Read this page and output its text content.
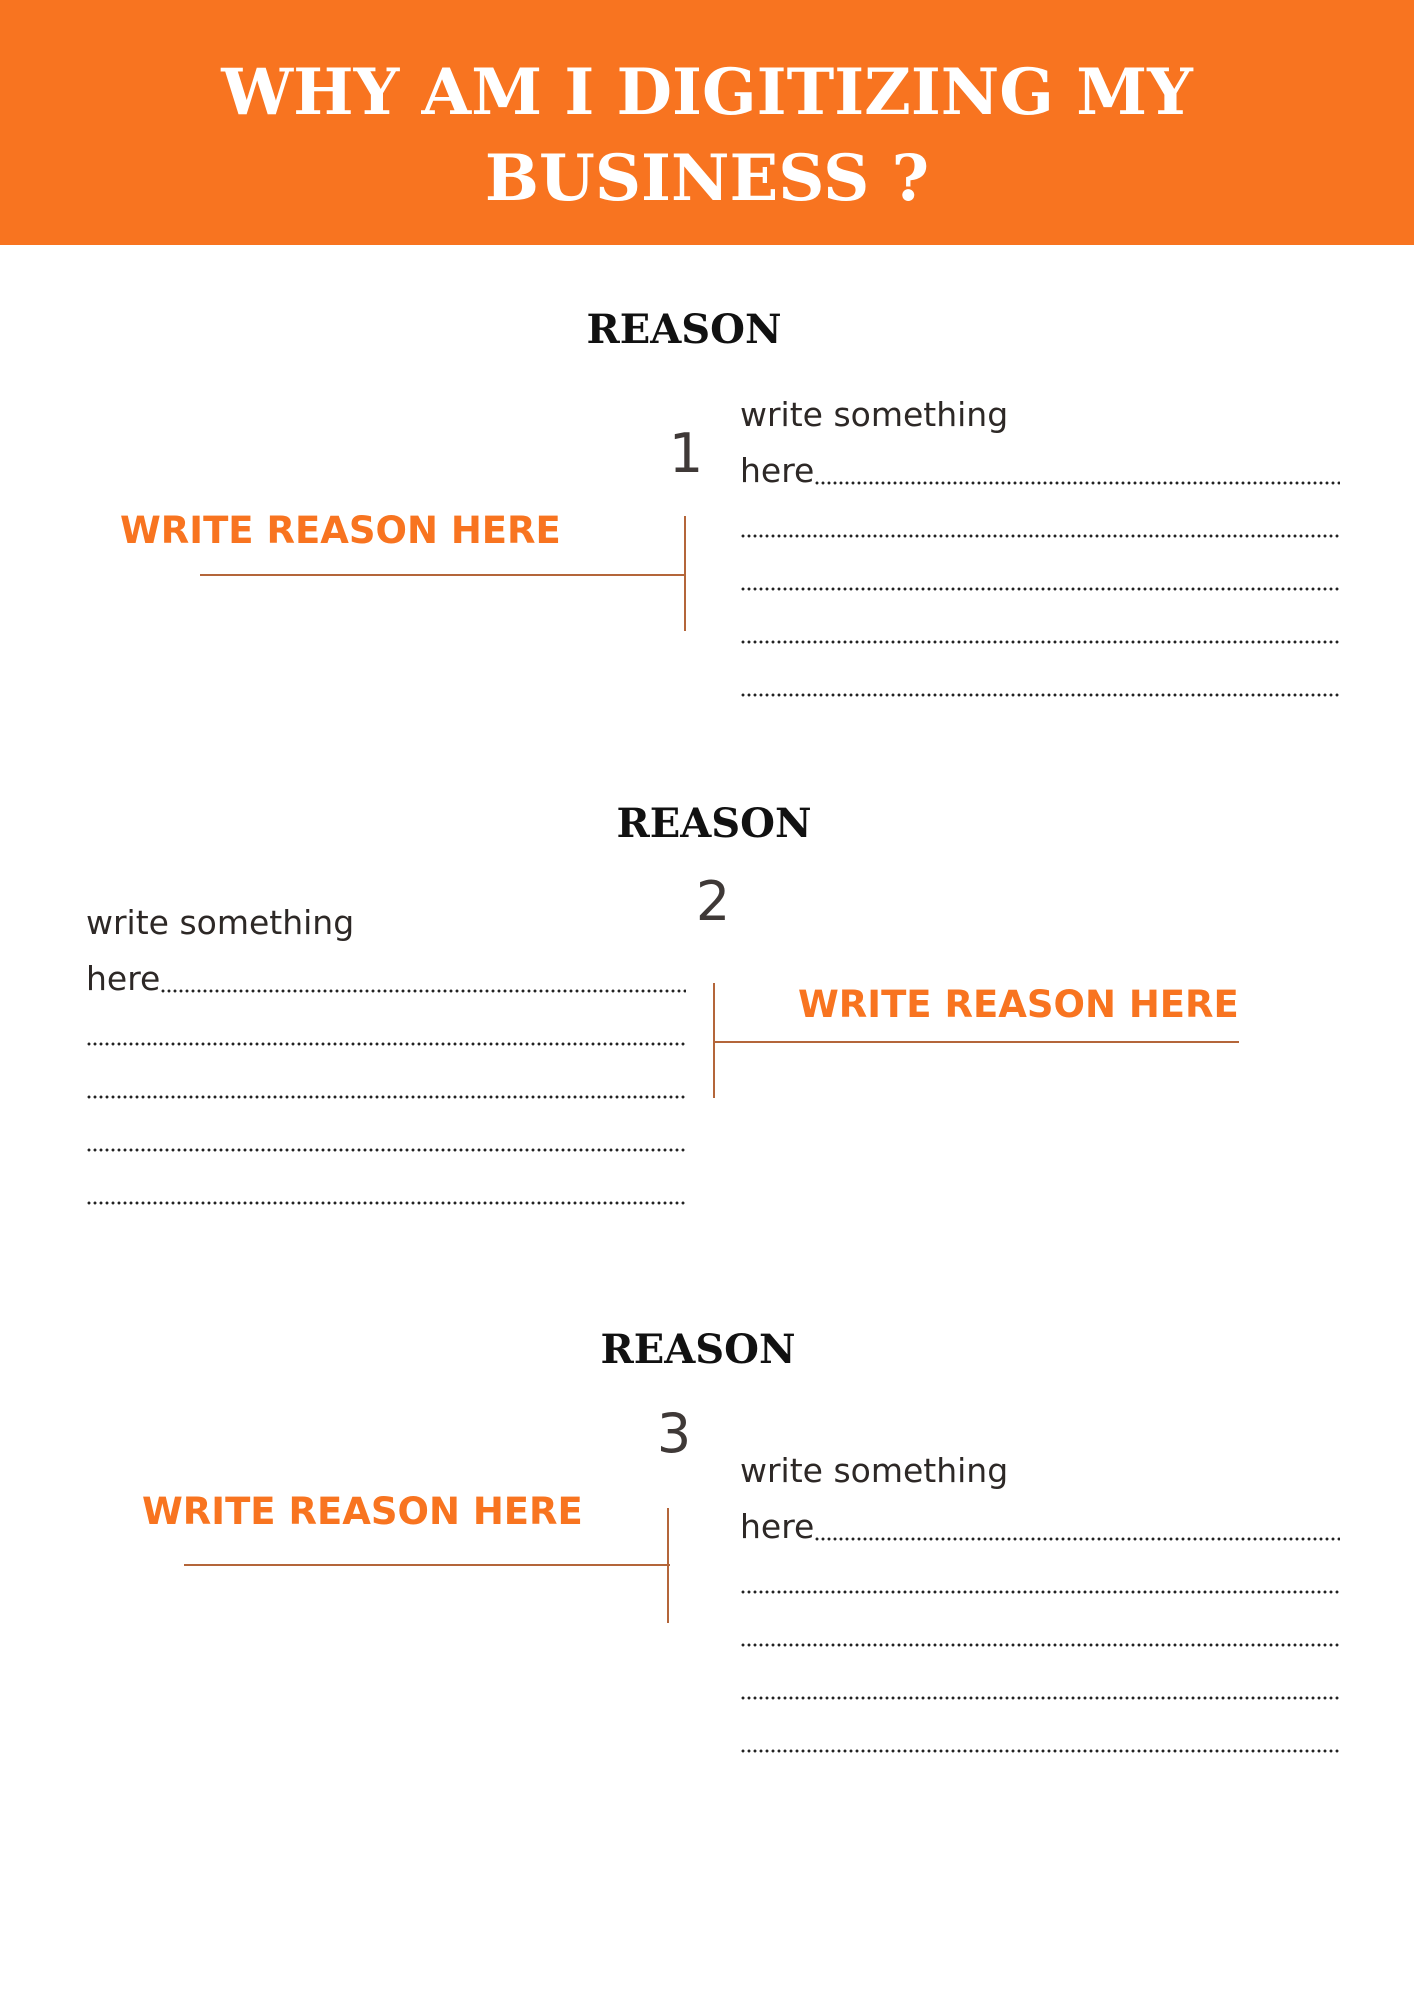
WHY AM I DIGITIZING MY
BUSINESS ?
REASON
1
WRITE REASON HERE
write something
here
REASON
2
write something
here
WRITE REASON HERE
REASON
3
WRITE REASON HERE
write something
here
